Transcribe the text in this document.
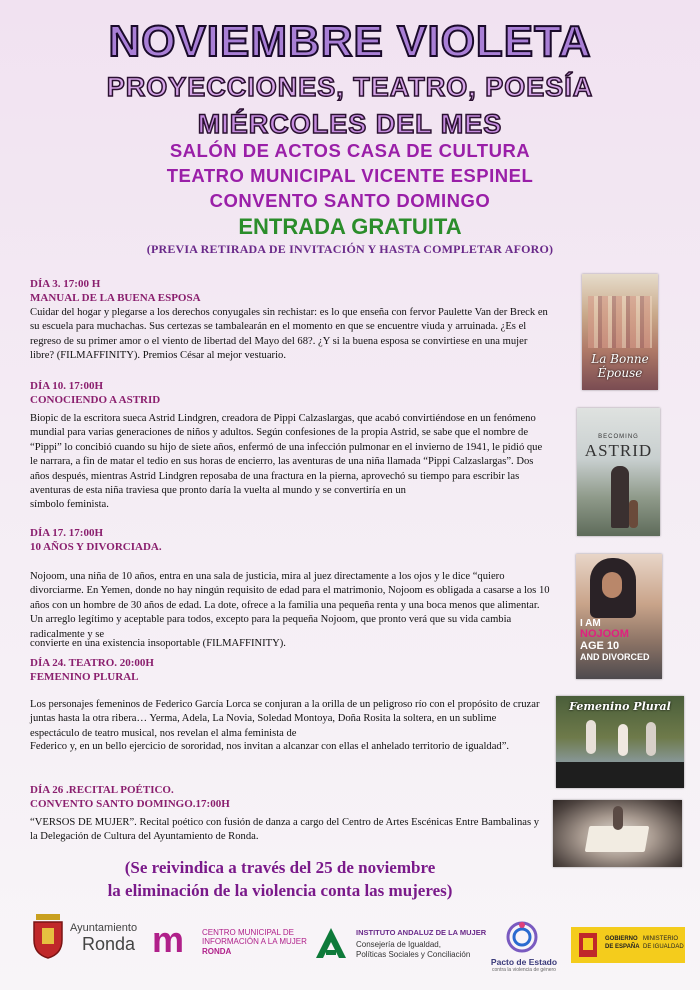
NOVIEMBRE VIOLETA
PROYECCIONES, TEATRO, POESÍA
MIÉRCOLES DEL MES
SALÓN DE ACTOS CASA DE CULTURA
TEATRO MUNICIPAL VICENTE ESPINEL
CONVENTO SANTO DOMINGO
ENTRADA GRATUITA
(PREVIA RETIRADA DE INVITACIÓN Y HASTA COMPLETAR AFORO)
DÍA 3. 17:00 H
MANUAL DE LA BUENA ESPOSA
Cuidar del hogar y plegarse a los derechos conyugales sin rechistar: es lo que enseña con fervor Paulette Van der Breck en su escuela para muchachas. Sus certezas se tambalearán en el momento en que se encuentre viuda y arruinada. ¿Es el regreso de su primer amor o el viento de libertad del Mayo del 68?. ¿Y si la buena esposa se convirtiese en una mujer libre? (FILMAFFINITY). Premios César al mejor vestuario.	La Bonne Épouse
DÍA 10. 17:00H
CONOCIENDO A ASTRID
Biopic de la escritora sueca Astrid Lindgren, creadora de Pippi Calzaslargas, que acabó convirtiéndose en un fenómeno mundial para varias generaciones de niños y adultos. Según confesiones de la propia Astrid, se sabe que el nombre de “Pippi” lo concibió cuando su hijo de siete años, enfermó de una infección pulmonar en el invierno de 1941, le pidió que le narrara, a fin de matar el tedio en sus horas de encierro, las aventuras de una niña llamada “Pippi Calzaslargas”. Dos años después, mientras Astrid Lindgren reposaba de una fractura en la pierna, aprovechó su tiempo para escribir las aventuras de esta niña traviesa que pronto daría la vuelta al mundo y se convertiría en un
símbolo feminista.
BECOMING
ASTRID
DÍA 17. 17:00H
10 AÑOS Y DIVORCIADA.
Nojoom, una niña de 10 años, entra en una sala de justicia, mira al juez directamente a los ojos y le dice “quiero divorciarme. En Yemen, donde no hay ningún requisito de edad para el matrimonio, Nojoom es obligada a casarse a los 10 años con un hombre de 30 años de edad. La dote, ofrece a la familia una pequeña renta y una boca menos que alimentar. Un arreglo legítimo y aceptable para todos, excepto para la pequeña Nojoom, que pronto verá que su vida cambia radicalmente y se
convierte en una existencia insoportable (FILMAFFINITY).
I AM
NOJOOM
AGE 10
AND DIVORCED
DÍA 24. TEATRO. 20:00H
FEMENINO PLURAL
Los personajes femeninos de Federico García Lorca se conjuran a la orilla de un peligroso río con el propósito de cruzar juntas hasta la otra ribera… Yerma, Adela, La Novia, Soledad Montoya, Doña Rosita la soltera, en un sublime espectáculo de teatro musical, nos revelan el alma feminista de
Federico y, en un bello ejercicio de sororidad, nos invitan a alcanzar con ellas el anhelado territorio de igualdad”.
Femenino Plural
DÍA 26 .RECITAL POÉTICO.
CONVENTO SANTO DOMINGO.17:00H
“VERSOS DE MUJER”. Recital poético con fusión de danza a cargo del Centro de Artes Escénicas Entre Bambalinas y la Delegación de Cultura del Ayuntamiento de Ronda.
(Se reivindica a través del 25 de noviembre
la eliminación de la violencia conta las mujeres)
Ayuntamiento
Ronda m CENTRO MUNICIPAL DE
INFORMACIÓN A LA MUJER
RONDA
INSTITUTO ANDALUZ DE LA MUJER
Consejería de Igualdad,
Políticas Sociales y Conciliación
Pacto de Estado
contra la violencia de género
GOBIERNO
DE ESPAÑA
MINISTERIO
DE IGUALDAD
